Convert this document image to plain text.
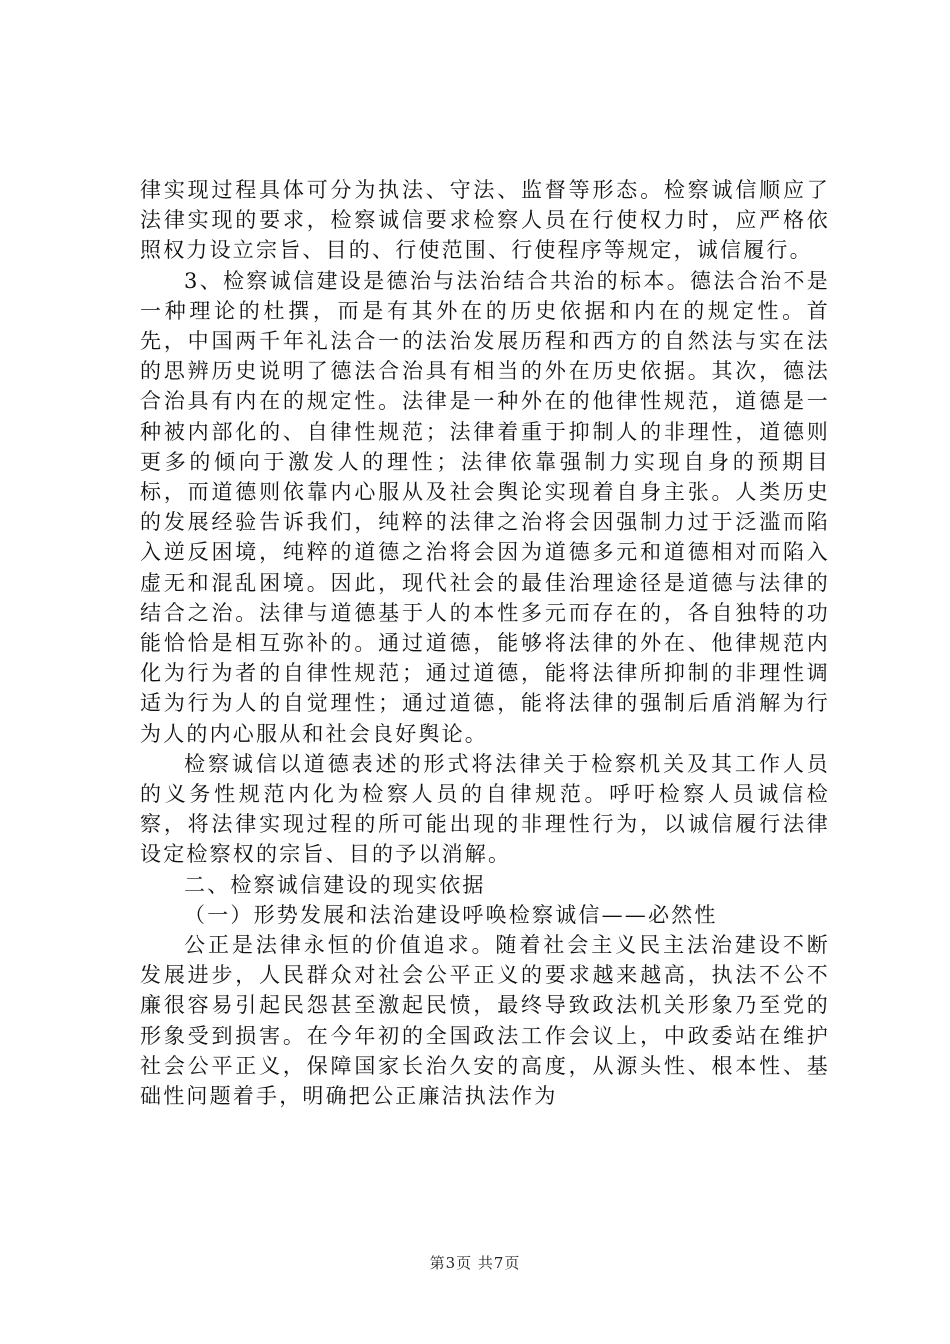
律实现过程具体可分为执法、守法、监督等形态。检察诚信顺应了法律实现的要求，检察诚信要求检察人员在行使权力时，应严格依照权力设立宗旨、目的、行使范围、行使程序等规定，诚信履行。

3、检察诚信建设是德治与法治结合共治的标本。德法合治不是一种理论的杜撰，而是有其外在的历史依据和内在的规定性。首先，中国两千年礼法合一的法治发展历程和西方的自然法与实在法的思辨历史说明了德法合治具有相当的外在历史依据。其次，德法合治具有内在的规定性。法律是一种外在的他律性规范，道德是一种被内部化的、自律性规范；法律着重于抑制人的非理性，道德则更多的倾向于激发人的理性；法律依靠强制力实现自身的预期目标，而道德则依靠内心服从及社会舆论实现着自身主张。人类历史的发展经验告诉我们，纯粹的法律之治将会因强制力过于泛滥而陷入逆反困境，纯粹的道德之治将会因为道德多元和道德相对而陷入虚无和混乱困境。因此，现代社会的最佳治理途径是道德与法律的结合之治。法律与道德基于人的本性多元而存在的，各自独特的功能恰恰是相互弥补的。通过道德，能够将法律的外在、他律规范内化为行为者的自律性规范；通过道德，能将法律所抑制的非理性调适为行为人的自觉理性；通过道德，能将法律的强制后盾消解为行为人的内心服从和社会良好舆论。

检察诚信以道德表述的形式将法律关于检察机关及其工作人员的义务性规范内化为检察人员的自律规范。呼吁检察人员诚信检察，将法律实现过程的所可能出现的非理性行为，以诚信履行法律设定检察权的宗旨、目的予以消解。

二、检察诚信建设的现实依据

（一）形势发展和法治建设呼唤检察诚信——必然性

公正是法律永恒的价值追求。随着社会主义民主法治建设不断发展进步，人民群众对社会公平正义的要求越来越高，执法不公不廉很容易引起民怨甚至激起民愤，最终导致政法机关形象乃至党的形象受到损害。在今年初的全国政法工作会议上，中政委站在维护社会公平正义，保障国家长治久安的高度，从源头性、根本性、基础性问题着手，明确把公正廉洁执法作为

第3页 共7页
